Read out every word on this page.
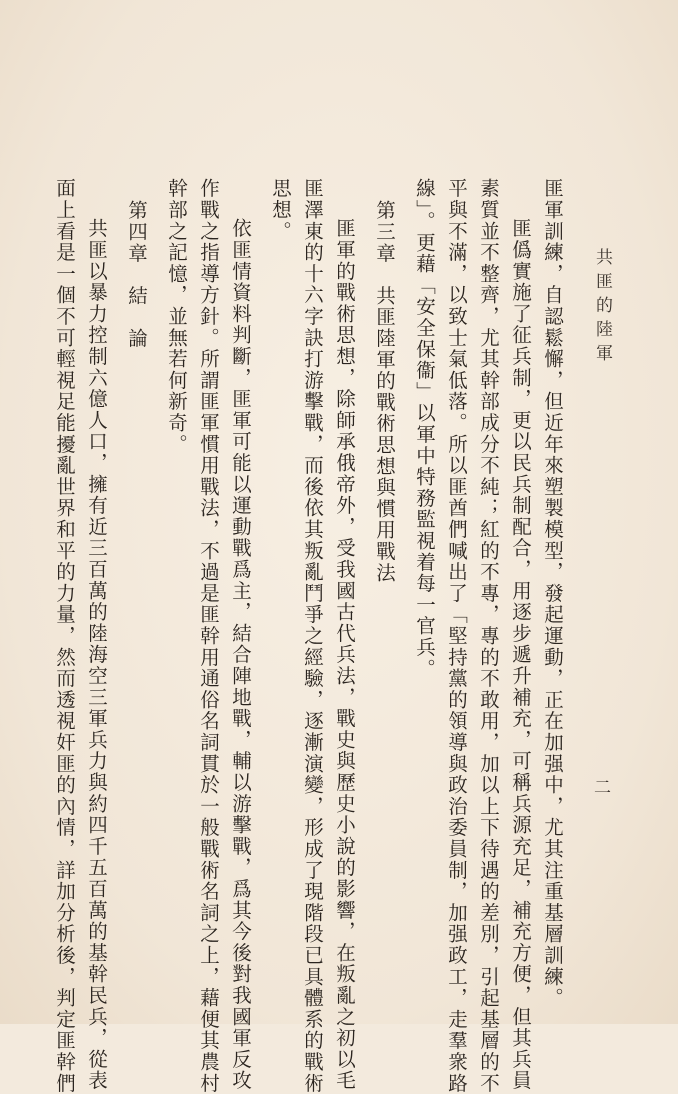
共匪的陸軍
二
匪軍訓練，自認鬆懈，但近年來塑製模型，發起運動，正在加强中，尤其注重基層訓練。
匪僞實施了征兵制，更以民兵制配合，用逐步遞升補充，可稱兵源充足，補充方便，但其兵員
素質並不整齊，尤其幹部成分不純；紅的不專，專的不敢用，加以上下待遇的差別，引起基層的不
平與不滿，以致士氣低落。所以匪酋們喊出了「堅持黨的領導與政治委員制，加强政工，走羣衆路
線」。更藉「安全保衞」以軍中特務監視着每一官兵。
第三章　共匪陸軍的戰術思想與慣用戰法
匪軍的戰術思想，除師承俄帝外，受我國古代兵法，戰史與歷史小說的影響，在叛亂之初以毛
匪澤東的十六字訣打游擊戰，而後依其叛亂鬥爭之經驗，逐漸演變，形成了現階段已具體系的戰術
思想。
依匪情資料判斷，匪軍可能以運動戰爲主，結合陣地戰，輔以游擊戰，爲其今後對我國軍反攻
作戰之指導方針。所謂匪軍慣用戰法，不過是匪幹用通俗名詞貫於一般戰術名詞之上，藉便其農村
幹部之記憶，並無若何新奇。
第四章　結　論
共匪以暴力控制六億人口，擁有近三百萬的陸海空三軍兵力與約四千五百萬的基幹民兵，從表
面上看是一個不可輕視足能擾亂世界和平的力量，然而透視奸匪的內情，詳加分析後，判定匪幹們
